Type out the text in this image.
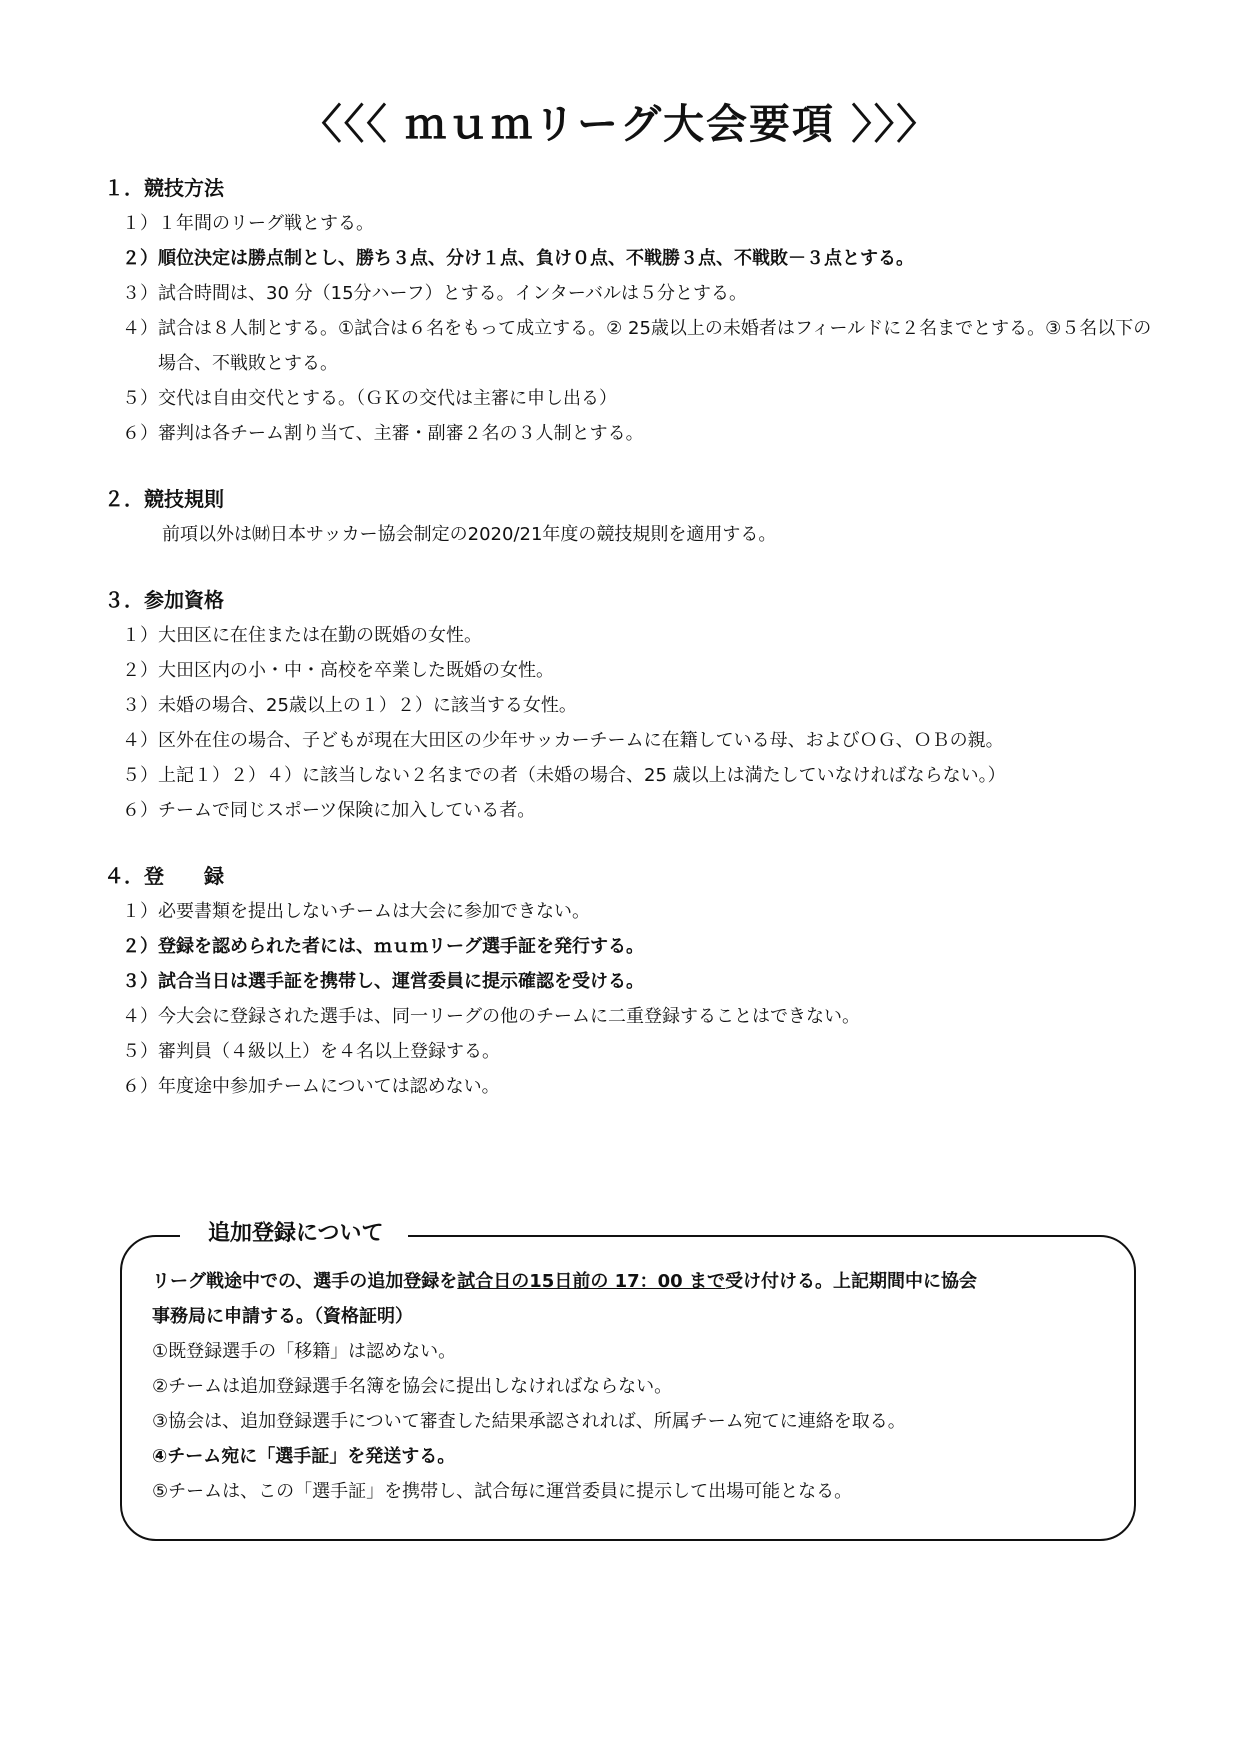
〈〈〈 ｍｕｍリーグ大会要項 〉〉〉
１．競技方法
１） １年間のリーグ戦とする。
２） 順位決定は勝点制とし、勝ち３点、分け１点、負け０点、不戦勝３点、不戦敗－３点とする。
３） 試合時間は、30 分（15分ハーフ）とする。インターバルは５分とする。
４） 試合は８人制とする。①試合は６名をもって成立する。② 25歳以上の未婚者はフィールドに２名までとする。③５名以下の場合、不戦敗とする。
５） 交代は自由交代とする。（ＧＫの交代は主審に申し出る）
６） 審判は各チーム割り当て、主審・副審２名の３人制とする。
２．競技規則
前項以外は㈶日本サッカー協会制定の2020/21年度の競技規則を適用する。
３．参加資格
１） 大田区に在住または在勤の既婚の女性。
２） 大田区内の小・中・高校を卒業した既婚の女性。
３） 未婚の場合、25歳以上の１）２）に該当する女性。
４） 区外在住の場合、子どもが現在大田区の少年サッカーチームに在籍している母、およびＯＧ、ＯＢの親。
５） 上記１）２）４）に該当しない２名までの者（未婚の場合、25 歳以上は満たしていなければならない。）
６） チームで同じスポーツ保険に加入している者。
４．登　　録
１） 必要書類を提出しないチームは大会に参加できない。
２） 登録を認められた者には、ｍｕｍリーグ選手証を発行する。
３） 試合当日は選手証を携帯し、運営委員に提示確認を受ける。
４） 今大会に登録された選手は、同一リーグの他のチームに二重登録することはできない。
５） 審判員（４級以上）を４名以上登録する。
６） 年度途中参加チームについては認めない。
追加登録について
リーグ戦途中での、選手の追加登録を試合日の15日前の 17：00 まで受け付ける。上記期間中に協会
事務局に申請する。（資格証明）
①既登録選手の「移籍」は認めない。
②チームは追加登録選手名簿を協会に提出しなければならない。
③協会は、追加登録選手について審査した結果承認されれば、所属チーム宛てに連絡を取る。
④チーム宛に「選手証」を発送する。
⑤チームは、この「選手証」を携帯し、試合毎に運営委員に提示して出場可能となる。
